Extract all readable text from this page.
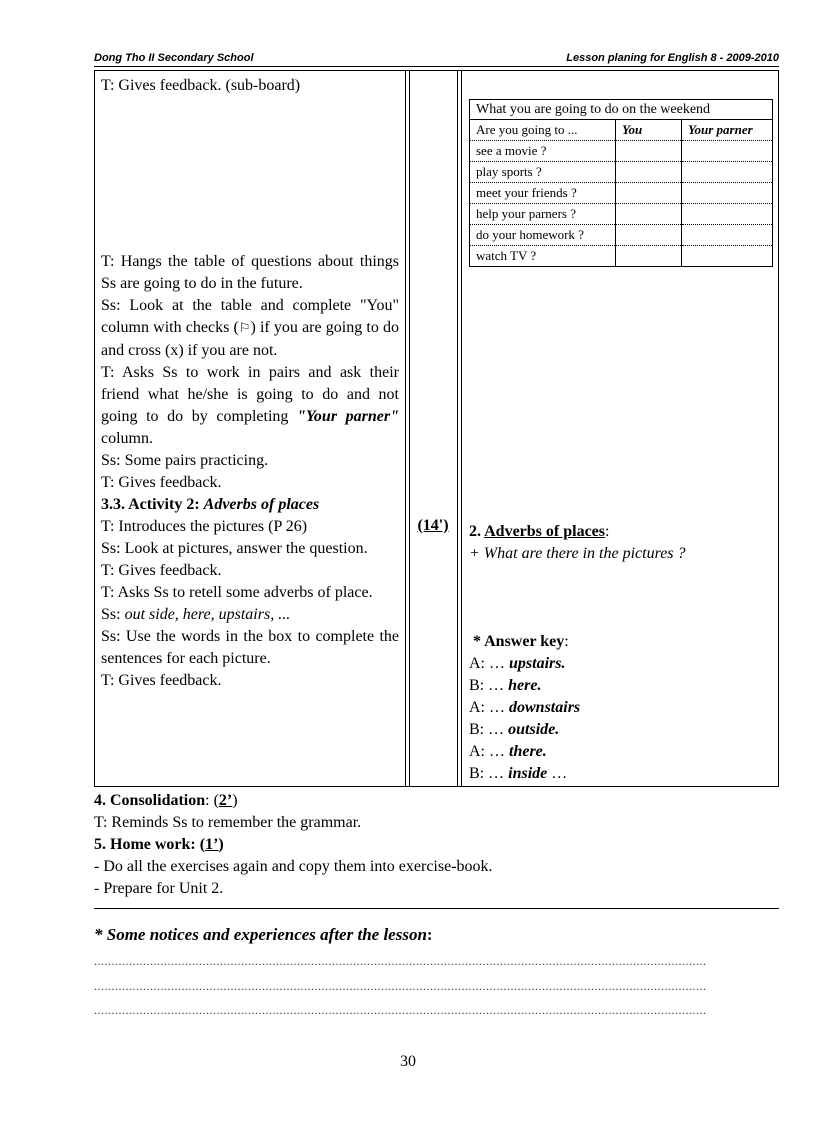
Dong Tho II Secondary School	Lesson planing for English 8 - 2009-2010

T: Gives feedback. (sub-board)

T: Hangs the table of questions about things Ss are going to do in the future.

Ss: Look at the table and complete "You" column with checks (⚐) if you are going to do and cross (x) if you are not.

T: Asks Ss to work in pairs and ask their friend what he/she is going to do and not going to do by completing "Your parner" column.

Ss: Some pairs practicing.

T: Gives feedback.

3.3. Activity 2: Adverbs of places

T: Introduces the pictures (P 26)

Ss: Look at pictures, answer the question.

T: Gives feedback.

T: Asks Ss to retell some adverbs of place.

Ss: out side, here, upstairs, ...

Ss: Use the words in the box to complete the sentences for each picture.

T: Gives feedback.

(14')
What you are going to do on the weekend		
Are you going to ...	You	Your parner
see a movie ?		
play sports ?		
meet your friends ?		
help your parners ?		
do your homework ?		
watch TV ?		
2. Adverbs of places:
+ What are there in the pictures ?
* Answer key:
A: … upstairs.
B: … here.
A: … downstairs
B: … outside.
A: … there.
B: … inside …

4. Consolidation: (2’)

T: Reminds Ss to remember the grammar.

5. Home work: (1’)

- Do all the exercises again and copy them into exercise-book.

- Prepare for Unit 2.

* Some notices and experiences after the lesson:
...............................................................................................................................................................................
...............................................................................................................................................................................
...............................................................................................................................................................................
30
